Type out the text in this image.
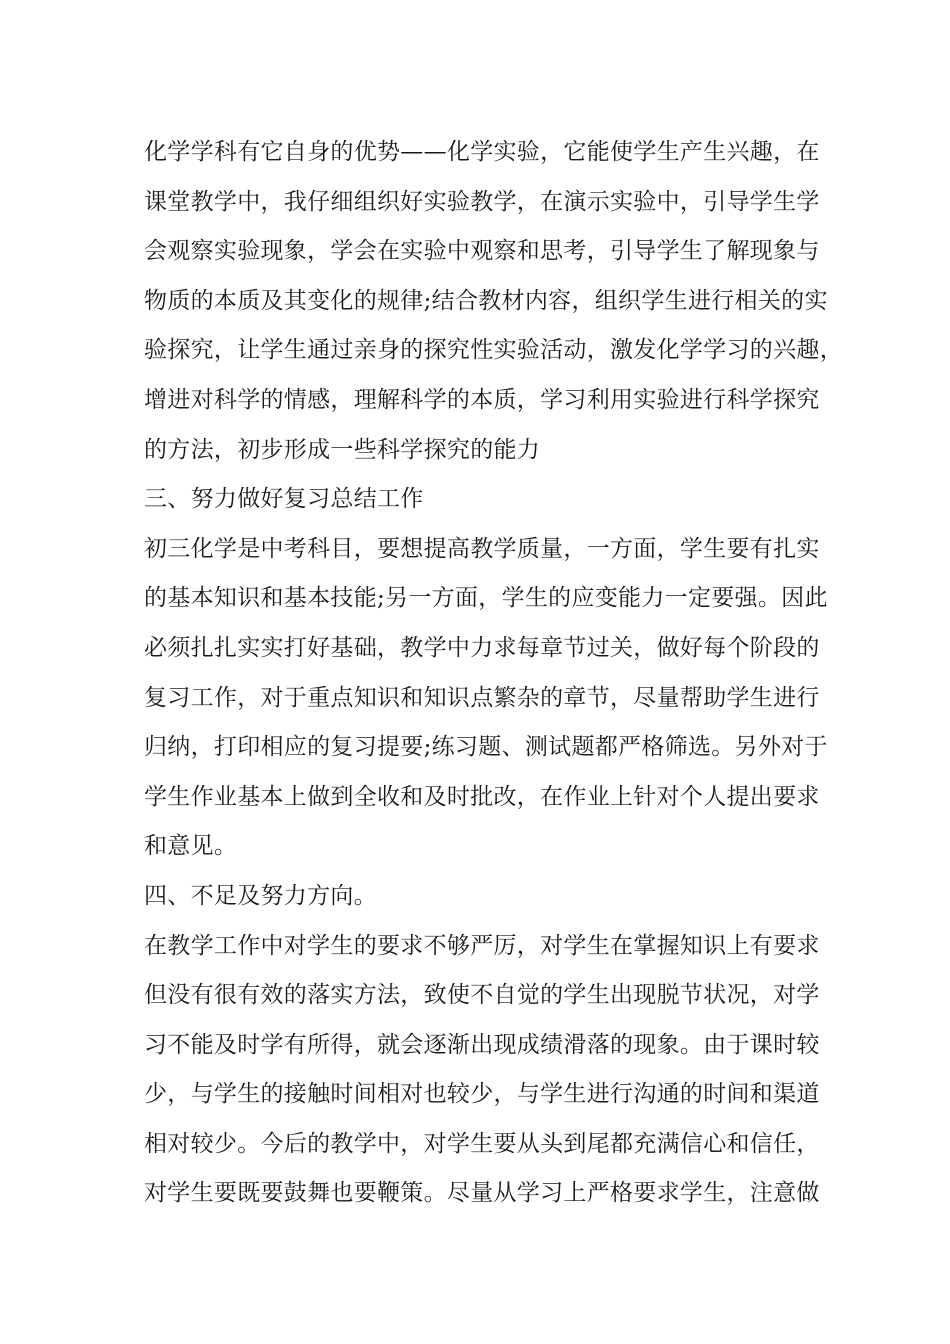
化学学科有它自身的优势——化学实验，它能使学生产生兴趣，在
课堂教学中，我仔细组织好实验教学，在演示实验中，引导学生学
会观察实验现象，学会在实验中观察和思考，引导学生了解现象与
物质的本质及其变化的规律;结合教材内容，组织学生进行相关的实
验探究，让学生通过亲身的探究性实验活动，激发化学学习的兴趣，
增进对科学的情感，理解科学的本质，学习利用实验进行科学探究
的方法，初步形成一些科学探究的能力
三、努力做好复习总结工作
初三化学是中考科目，要想提高教学质量，一方面，学生要有扎实
的基本知识和基本技能;另一方面，学生的应变能力一定要强。因此
必须扎扎实实打好基础，教学中力求每章节过关，做好每个阶段的
复习工作，对于重点知识和知识点繁杂的章节，尽量帮助学生进行
归纳，打印相应的复习提要;练习题、测试题都严格筛选。另外对于
学生作业基本上做到全收和及时批改，在作业上针对个人提出要求
和意见。
四、不足及努力方向。
在教学工作中对学生的要求不够严厉，对学生在掌握知识上有要求
但没有很有效的落实方法，致使不自觉的学生出现脱节状况，对学
习不能及时学有所得，就会逐渐出现成绩滑落的现象。由于课时较
少，与学生的接触时间相对也较少，与学生进行沟通的时间和渠道
相对较少。今后的教学中，对学生要从头到尾都充满信心和信任，
对学生要既要鼓舞也要鞭策。尽量从学习上严格要求学生，注意做
